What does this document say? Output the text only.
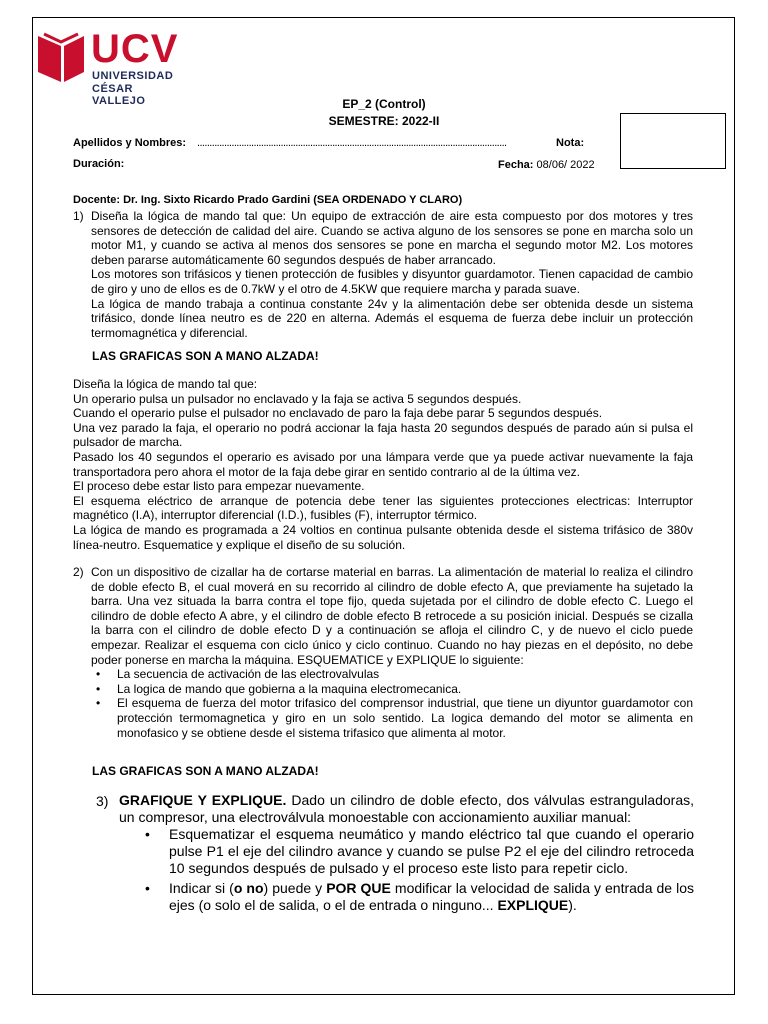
UCV
UNIVERSIDAD
CÉSAR VALLEJO	EP_2 (Control)
SEMESTRE: 2022-II
Apellidos y Nombres: ..............................................................................................................................	Nota:
Duración:	Fecha: 08/06/ 2022
Docente: Dr. Ing. Sixto Ricardo Prado Gardini (SEA ORDENADO Y CLARO)
1) Diseña la lógica de mando tal que: Un equipo de extracción de aire esta compuesto por dos motores y tres sensores de detección de calidad del aire. Cuando se activa alguno de los sensores se pone en marcha solo un motor M1, y cuando se activa al menos dos sensores se pone en marcha el segundo motor M2. Los motores deben pararse automáticamente 60 segundos después de haber arrancado.
Los motores son trifásicos y tienen protección de fusibles y disyuntor guardamotor. Tienen capacidad de cambio de giro y uno de ellos es de 0.7kW y el otro de 4.5KW que requiere marcha y parada suave.
La lógica de mando trabaja a continua constante 24v y la alimentación debe ser obtenida desde un sistema trifásico, donde línea neutro es de 220 en alterna. Además el esquema de fuerza debe incluir un protección termomagnética y diferencial.
LAS GRAFICAS SON A MANO ALZADA!
Diseña la lógica de mando tal que:
Un operario pulsa un pulsador no enclavado y la faja se activa 5 segundos después.
Cuando el operario pulse el pulsador no enclavado de paro la faja debe parar 5 segundos después.
Una vez parado la faja, el operario no podrá accionar la faja hasta 20 segundos después de parado aún si pulsa el pulsador de marcha.
Pasado los 40 segundos el operario es avisado por una lámpara verde que ya puede activar nuevamente la faja transportadora pero ahora el motor de la faja debe girar en sentido contrario al de la última vez.
El proceso debe estar listo para empezar nuevamente.
El esquema eléctrico de arranque de potencia debe tener las siguientes protecciones electricas: Interruptor magnético (I.A), interruptor diferencial (I.D.), fusibles (F), interruptor térmico.
La lógica de mando es programada a 24 voltios en continua pulsante obtenida desde el sistema trifásico de 380v línea-neutro. Esquematice y explique el diseño de su solución.
2) Con un dispositivo de cizallar ha de cortarse material en barras. La alimentación de material lo realiza el cilindro de doble efecto B, el cual moverá en su recorrido al cilindro de doble efecto A, que previamente ha sujetado la barra. Una vez situada la barra contra el tope fijo, queda sujetada por el cilindro de doble efecto C. Luego el cilindro de doble efecto A abre, y el cilindro de doble efecto B retrocede a su posición inicial. Después se cizalla la barra con el cilindro de doble efecto D y a continuación se afloja el cilindro C, y de nuevo el ciclo puede empezar. Realizar el esquema con ciclo único y ciclo continuo. Cuando no hay piezas en el depósito, no debe poder ponerse en marcha la máquina. ESQUEMATICE y EXPLIQUE lo siguiente:
• La secuencia de activación de las electrovalvulas
• La logica de mando que gobierna a la maquina electromecanica.
• El esquema de fuerza del motor trifasico del comprensor industrial, que tiene un diyuntor guardamotor con protección termomagnetica y giro en un solo sentido. La logica demando del motor se alimenta en monofasico y se obtiene desde el sistema trifasico que alimenta al motor.
LAS GRAFICAS SON A MANO ALZADA!
3) GRAFIQUE Y EXPLIQUE. Dado un cilindro de doble efecto, dos válvulas estranguladoras, un compresor, una electroválvula monoestable con accionamiento auxiliar manual:

• Esquematizar el esquema neumático y mando eléctrico tal que cuando el operario pulse P1 el eje del cilindro avance y cuando se pulse P2 el eje del cilindro retroceda 10 segundos después de pulsado y el proceso este listo para repetir ciclo.
• Indicar si (o no) puede y POR QUE modificar la velocidad de salida y entrada de los ejes (o solo el de salida, o el de entrada o ninguno... EXPLIQUE).
